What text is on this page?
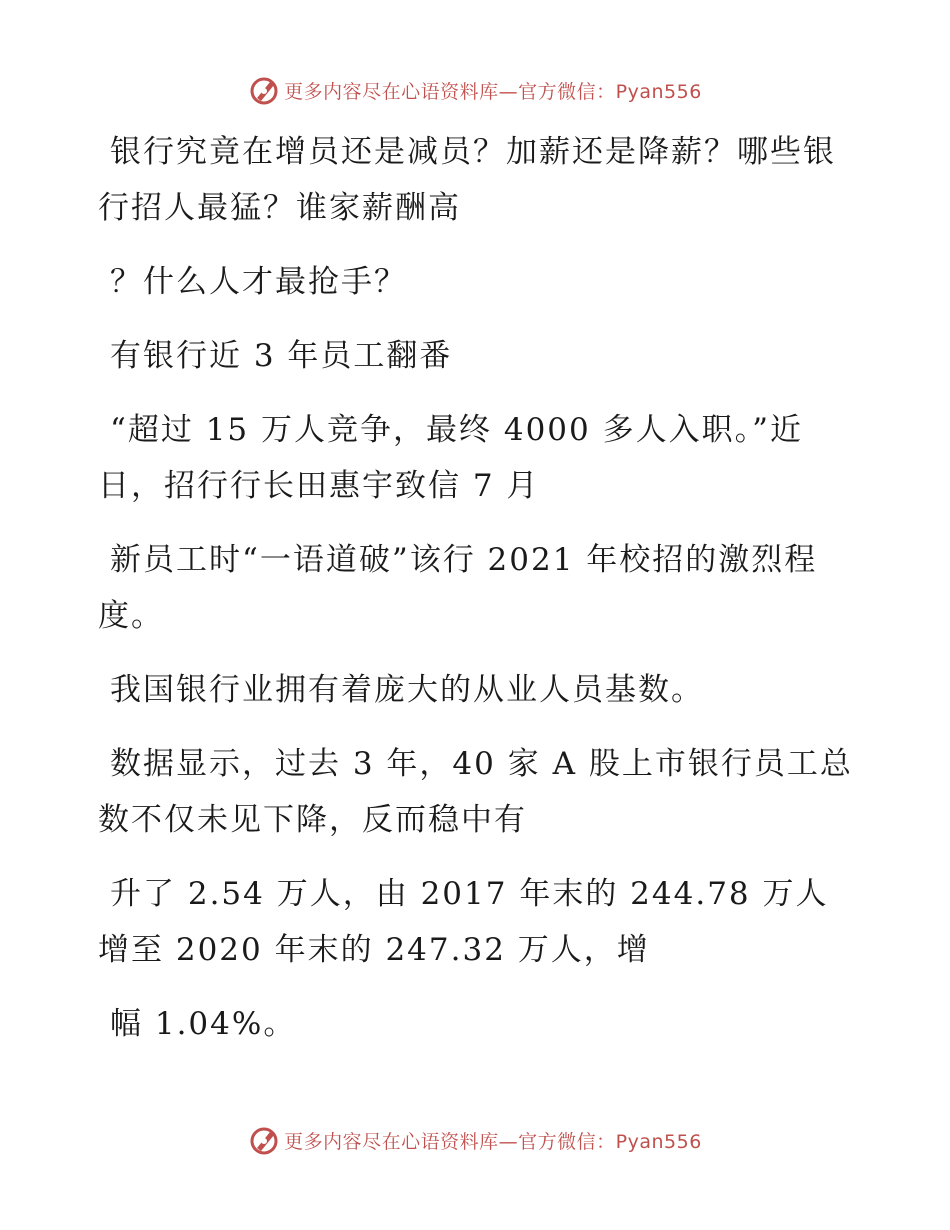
更多内容尽在心语资料库—官方微信：Pyan556

银行究竟在增员还是减员？加薪还是降薪？哪些银行招人最猛？谁家薪酬高

？什么人才最抢手？

有银行近 3 年员工翻番

“超过 15 万人竞争，最终 4000 多人入职。”近日，招行行长田惠宇致信 7 月

新员工时“一语道破”该行 2021 年校招的激烈程度。

我国银行业拥有着庞大的从业人员基数。

数据显示，过去 3 年，40 家 A 股上市银行员工总数不仅未见下降，反而稳中有

升了 2.54 万人，由 2017 年末的 244.78 万人增至 2020 年末的 247.32 万人，增

幅 1.04%。

更多内容尽在心语资料库—官方微信：Pyan556
